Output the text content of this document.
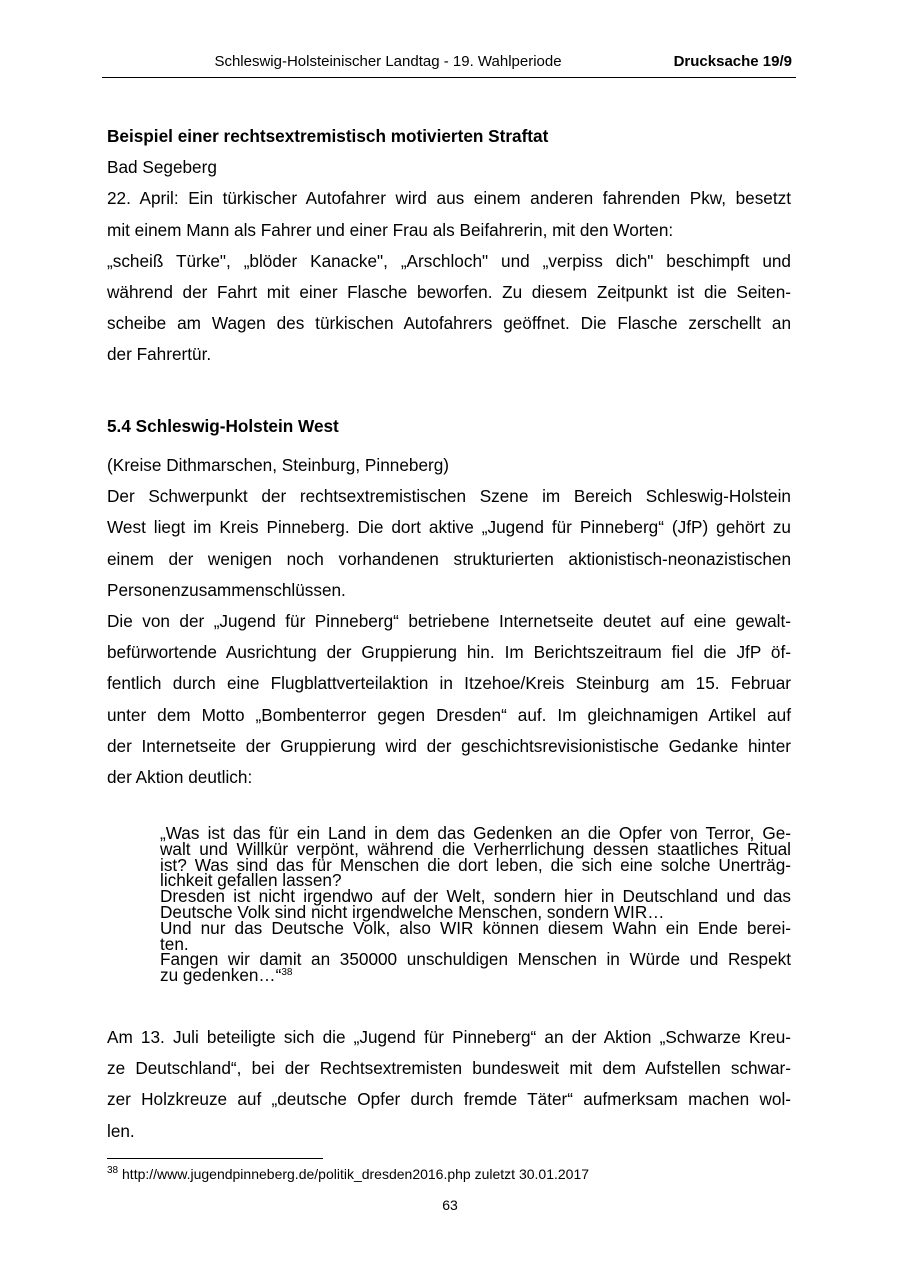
Schleswig-Holsteinischer Landtag - 19. Wahlperiode	Drucksache 19/9

Beispiel einer rechtsextremistisch motivierten Straftat

Bad Segeberg

22. April: Ein türkischer Autofahrer wird aus einem anderen fahrenden Pkw, besetzt

mit einem Mann als Fahrer und einer Frau als Beifahrerin, mit den Worten:

„scheiß Türke", „blöder Kanacke", „Arschloch" und „verpiss dich" beschimpft und

während der Fahrt mit einer Flasche beworfen. Zu diesem Zeitpunkt ist die Seiten-

scheibe am Wagen des türkischen Autofahrers geöffnet. Die Flasche zerschellt an

der Fahrertür.

5.4 Schleswig-Holstein West

(Kreise Dithmarschen, Steinburg, Pinneberg)

Der Schwerpunkt der rechtsextremistischen Szene im Bereich Schleswig-Holstein

West liegt im Kreis Pinneberg. Die dort aktive „Jugend für Pinneberg“ (JfP) gehört zu

einem der wenigen noch vorhandenen strukturierten aktionistisch-neonazistischen

Personenzusammenschlüssen.

Die von der „Jugend für Pinneberg“ betriebene Internetseite deutet auf eine gewalt-

befürwortende Ausrichtung der Gruppierung hin. Im Berichtszeitraum fiel die JfP öf-

fentlich durch eine Flugblattverteilaktion in Itzehoe/Kreis Steinburg am 15. Februar

unter dem Motto „Bombenterror gegen Dresden“ auf. Im gleichnamigen Artikel auf

der Internetseite der Gruppierung wird der geschichtsrevisionistische Gedanke hinter

der Aktion deutlich:

„Was ist das für ein Land in dem das Gedenken an die Opfer von Terror, Ge-

walt und Willkür verpönt, während die Verherrlichung dessen staatliches Ritual

ist? Was sind das für Menschen die dort leben, die sich eine solche Unerträg-

lichkeit gefallen lassen?

Dresden ist nicht irgendwo auf der Welt, sondern hier in Deutschland und das

Deutsche Volk sind nicht irgendwelche Menschen, sondern WIR…

Und nur das Deutsche Volk, also WIR können diesem Wahn ein Ende berei-

ten.

Fangen wir damit an 350000 unschuldigen Menschen in Würde und Respekt

zu gedenken…“$^{38}$

Am 13. Juli beteiligte sich die „Jugend für Pinneberg“ an der Aktion „Schwarze Kreu-

ze Deutschland“, bei der Rechtsextremisten bundesweit mit dem Aufstellen schwar-

zer Holzkreuze auf „deutsche Opfer durch fremde Täter“ aufmerksam machen wol-

len.

$^{38}$ http://www.jugendpinneberg.de/politik_dresden2016.php zuletzt 30.01.2017
63
